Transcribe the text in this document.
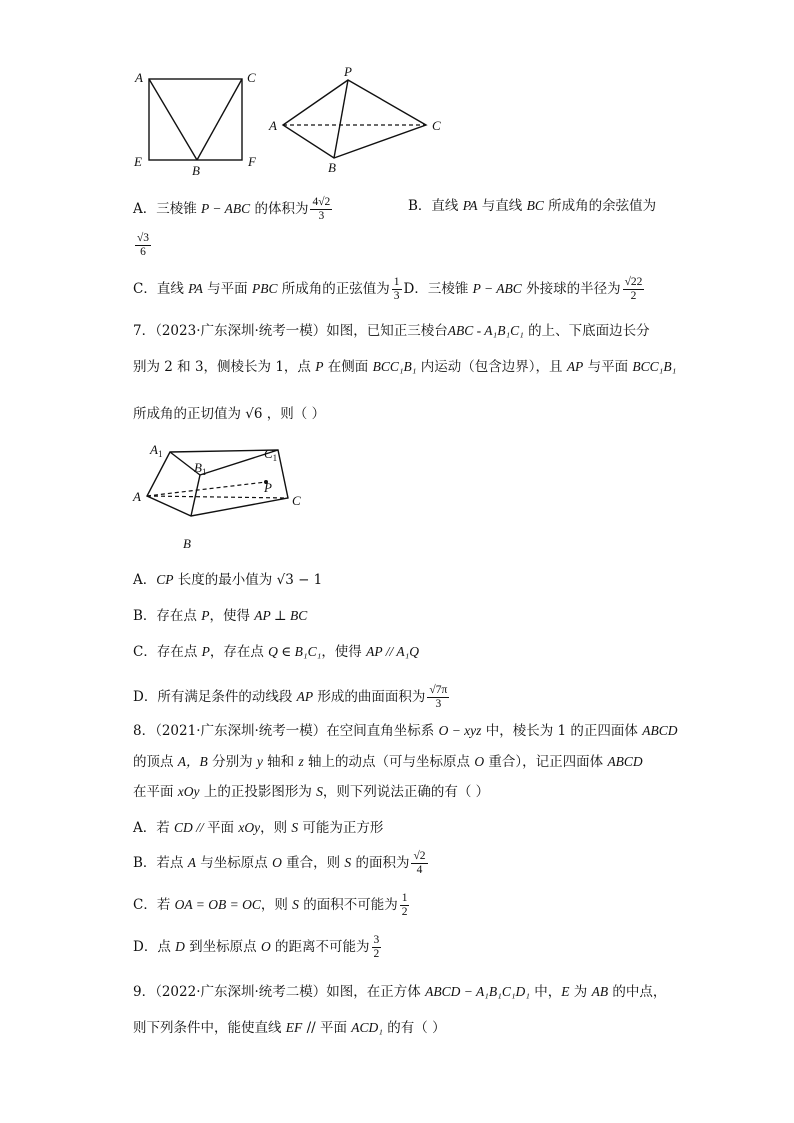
A	C
E
B
F
P
A	C
B
A．三棱锥 P − ABC 的体积为 $\frac{4√2}{3}$	B．直线 PA 与直线 BC 所成角的余弦值为
$\frac{√3}{6}$
C．直线 PA 与平面 PBC 所成角的正弦值为 $\frac{1}{3}$ D．三棱锥 P − ABC 外接球的半径为 $\frac{√22}{2}$
7．（2023·广东深圳·统考一模）如图，已知正三棱台ABC - A₁B₁C₁ 的上、下底面边长分
别为 2 和 3，侧棱长为 1，点 P 在侧面 BCC₁B₁ 内运动（包含边界），且 AP 与平面 BCC₁B₁
所成角的正切值为 √6 ，则（ ）
$A_1$
$B_1$
$C_1$
A	C
P
B
A．CP 长度的最小值为 √3 − 1
B．存在点 P，使得 AP ⊥ BC
C．存在点 P，存在点 Q ∈ B₁C₁，使得 AP // A₁Q
D．所有满足条件的动线段 AP 形成的曲面面积为 $\frac{√7\pi}{3}$
8．（2021·广东深圳·统考一模）在空间直角坐标系 O − xyz 中，棱长为 1 的正四面体 ABCD
的顶点 A，B 分别为 y 轴和 z 轴上的动点（可与坐标原点 O 重合），记正四面体 ABCD
在平面 xOy 上的正投影图形为 S，则下列说法正确的有（ ）
A．若 CD // 平面 xOy，则 S 可能为正方形
B．若点 A 与坐标原点 O 重合，则 S 的面积为 $\frac{√2}{4}$
C．若 OA = OB = OC，则 S 的面积不可能为 $\frac{1}{2}$
D．点 D 到坐标原点 O 的距离不可能为 $\frac{3}{2}$
9．（2022·广东深圳·统考二模）如图，在正方体 ABCD − A₁B₁C₁D₁ 中，E 为 AB 的中点，
则下列条件中，能使直线 EF // 平面 ACD₁ 的有（ ）
